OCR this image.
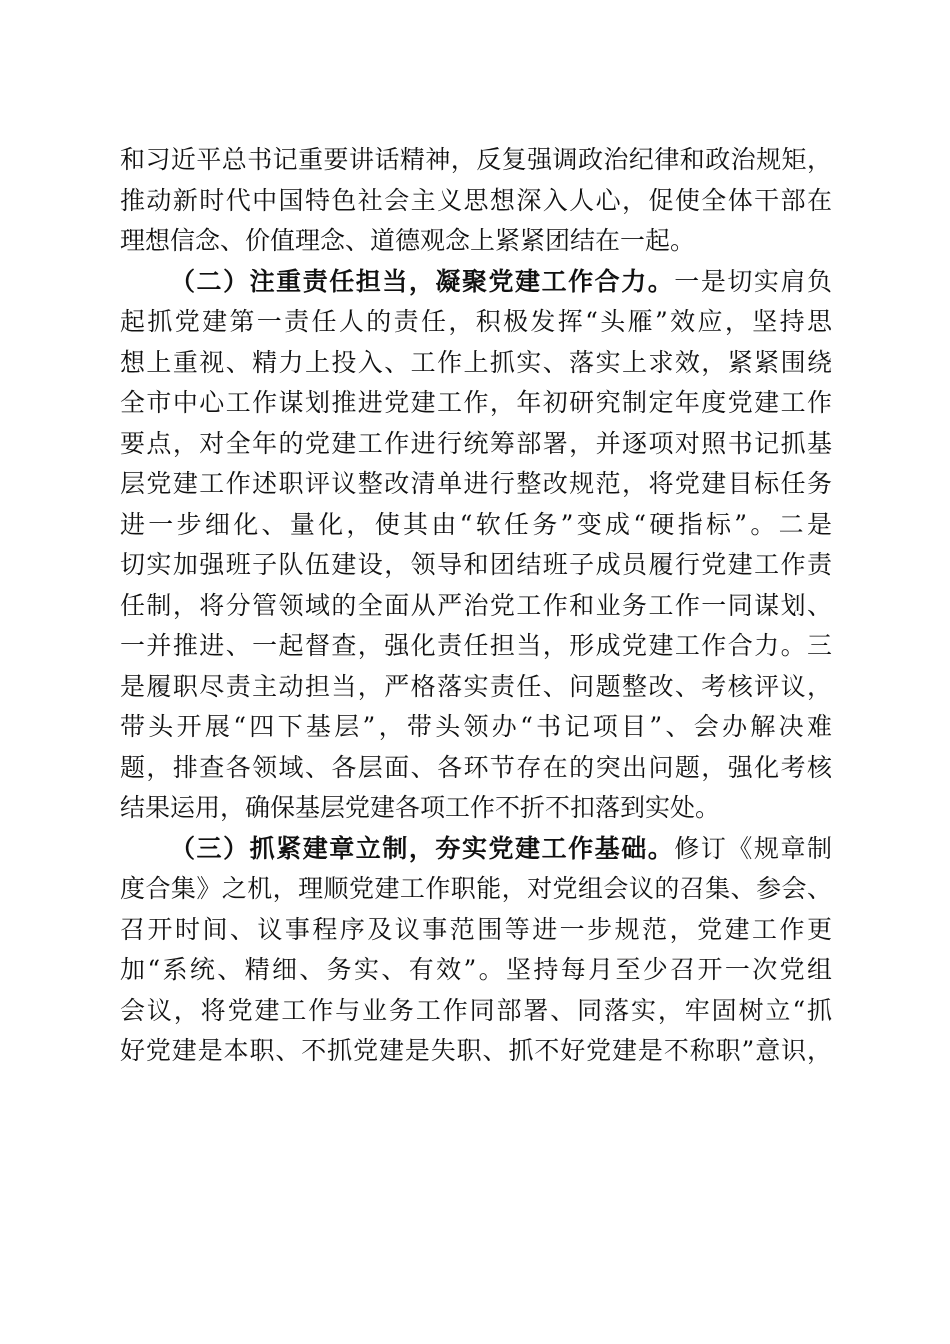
和习近平总书记重要讲话精神，反复强调政治纪律和政治规矩，
推动新时代中国特色社会主义思想深入人心，促使全体干部在
理想信念、价值理念、道德观念上紧紧团结在一起。
（二）注重责任担当，凝聚党建工作合力。一是切实肩负
起抓党建第一责任人的责任，积极发挥“头雁”效应，坚持思
想上重视、精力上投入、工作上抓实、落实上求效，紧紧围绕
全市中心工作谋划推进党建工作，年初研究制定年度党建工作
要点，对全年的党建工作进行统筹部署，并逐项对照书记抓基
层党建工作述职评议整改清单进行整改规范，将党建目标任务
进一步细化、量化，使其由“软任务”变成“硬指标”。二是
切实加强班子队伍建设，领导和团结班子成员履行党建工作责
任制，将分管领域的全面从严治党工作和业务工作一同谋划、
一并推进、一起督查，强化责任担当，形成党建工作合力。三
是履职尽责主动担当，严格落实责任、问题整改、考核评议，
带头开展“四下基层”，带头领办“书记项目”、会办解决难
题，排查各领域、各层面、各环节存在的突出问题，强化考核
结果运用，确保基层党建各项工作不折不扣落到实处。
（三）抓紧建章立制，夯实党建工作基础。修订《规章制
度合集》之机，理顺党建工作职能，对党组会议的召集、参会、
召开时间、议事程序及议事范围等进一步规范，党建工作更
加“系统、精细、务实、有效”。坚持每月至少召开一次党组
会议，将党建工作与业务工作同部署、同落实，牢固树立“抓
好党建是本职、不抓党建是失职、抓不好党建是不称职”意识，
